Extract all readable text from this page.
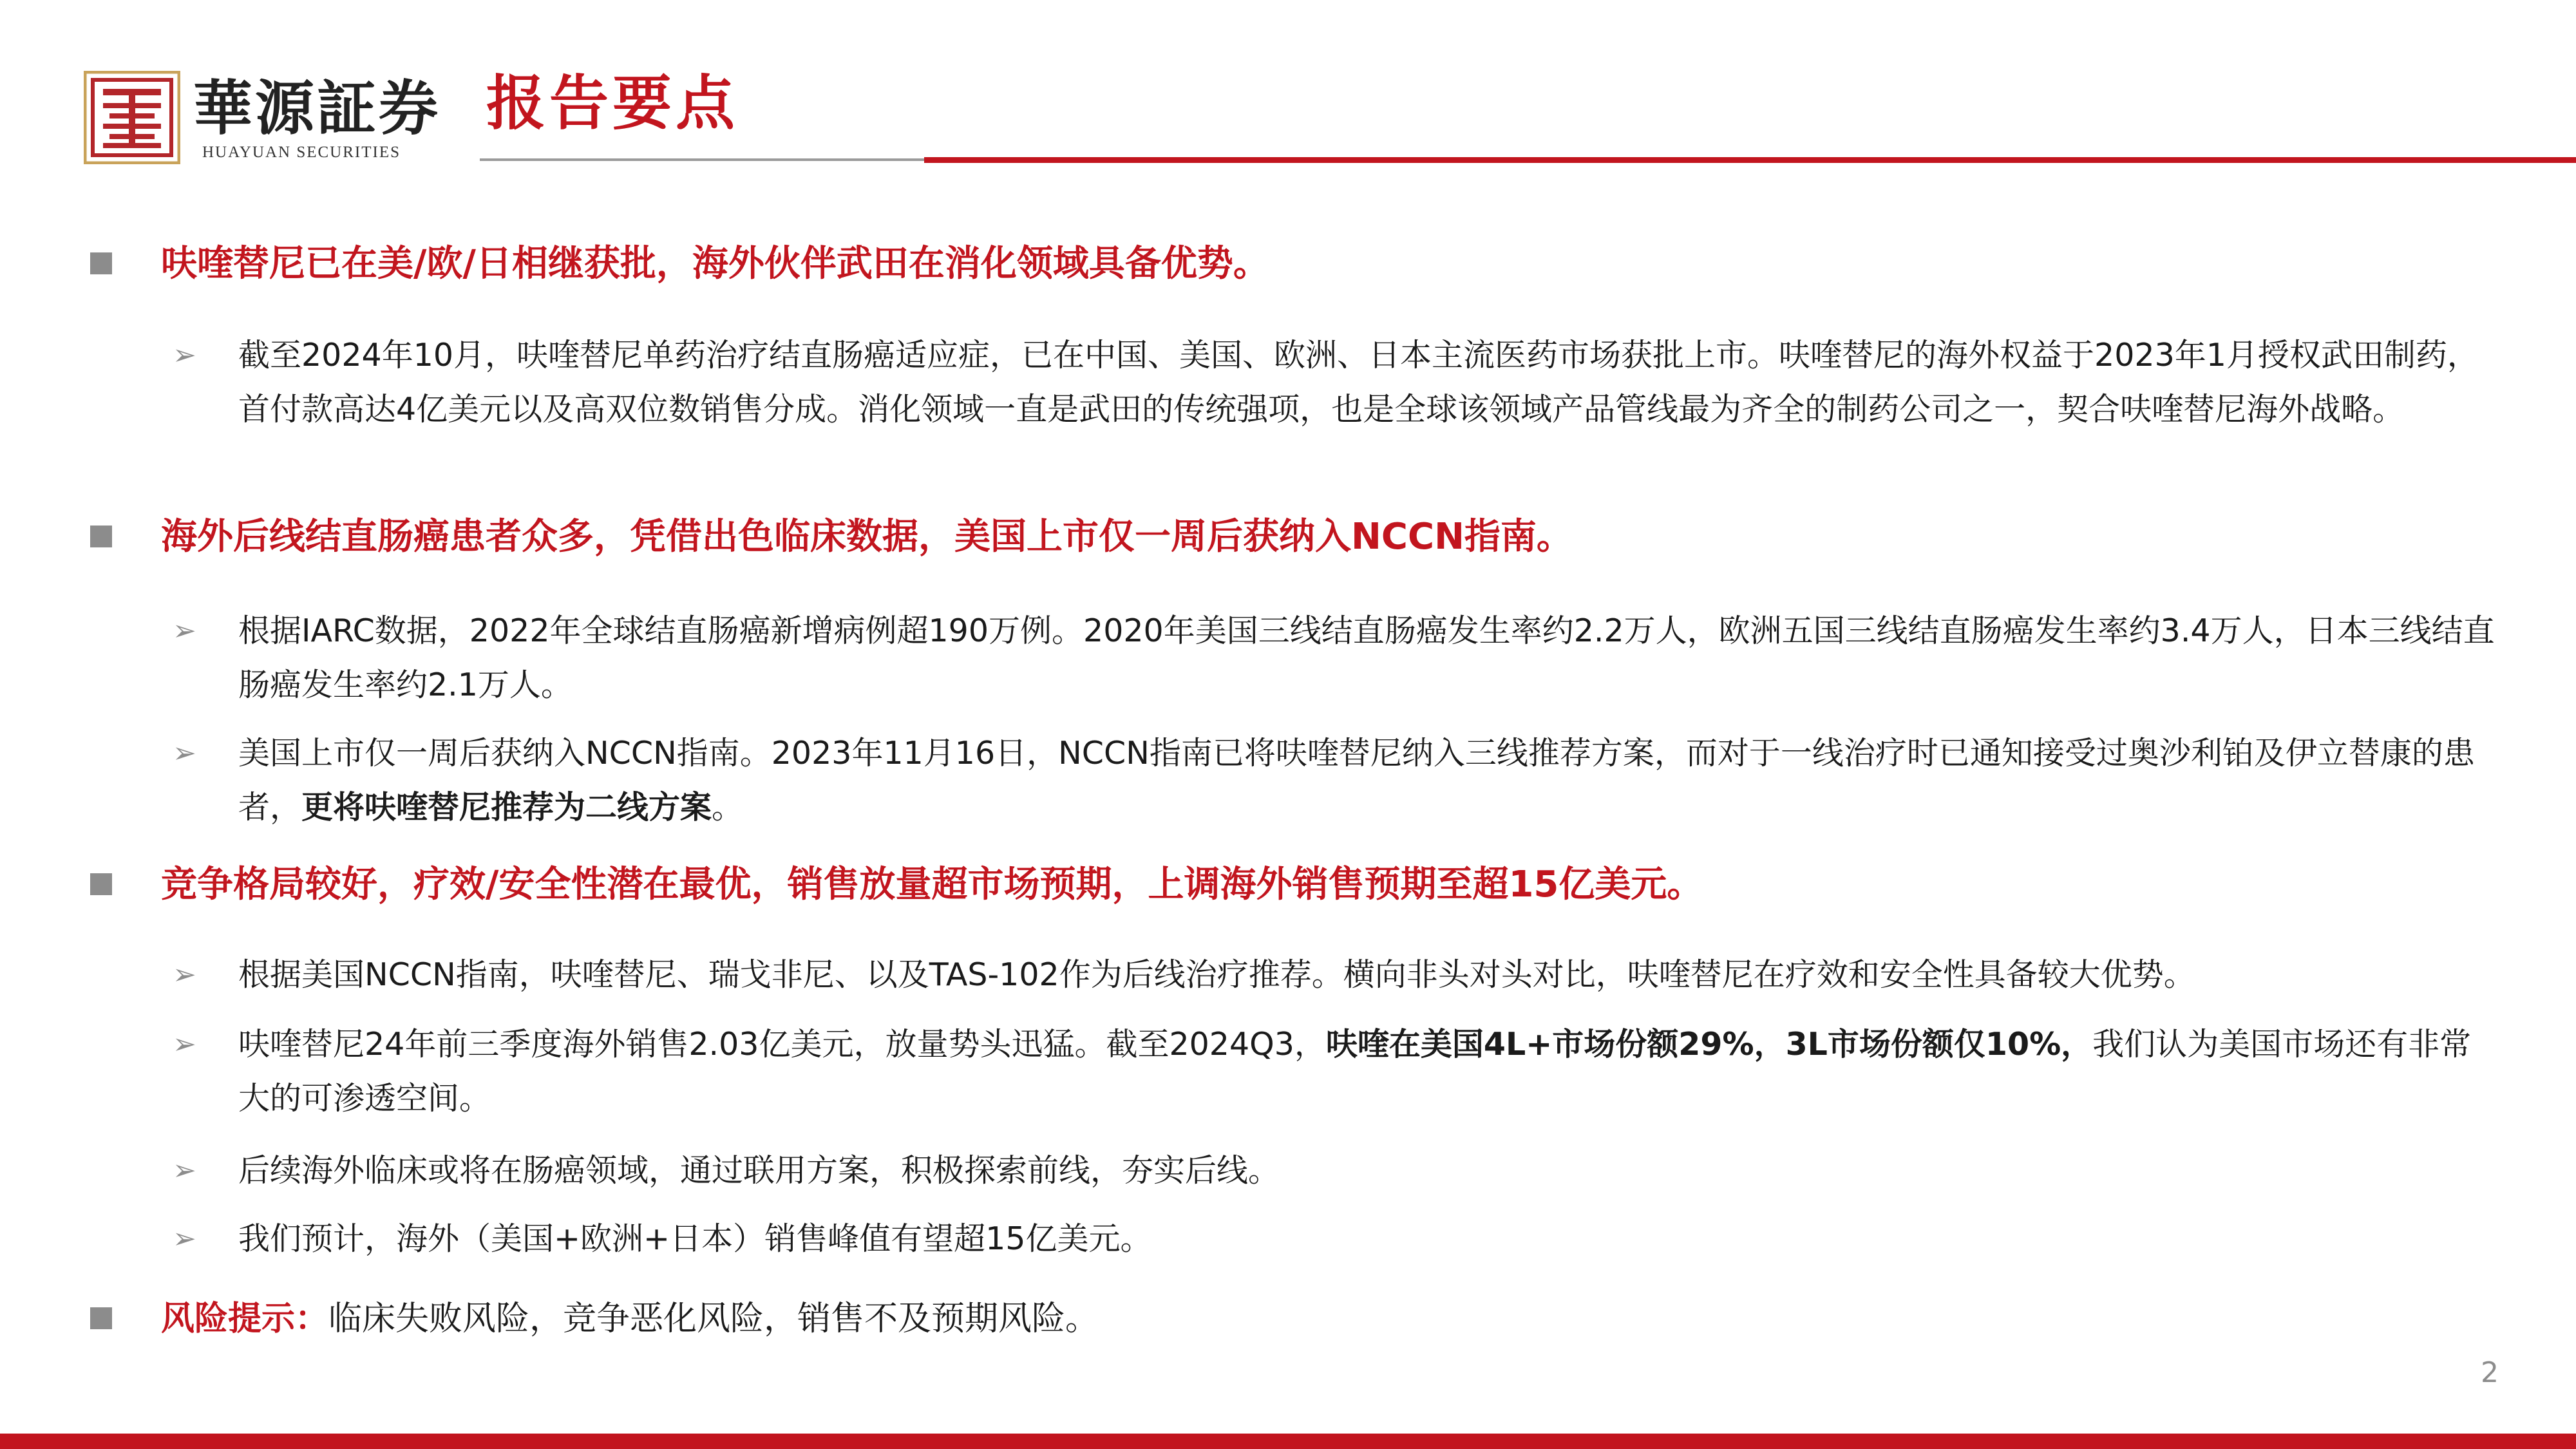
華源証券
HUAYUAN SECURITIES
报告要点
呋喹替尼已在美/欧/日相继获批，海外伙伴武田在消化领域具备优势。
➢ 截至2024年10月，呋喹替尼单药治疗结直肠癌适应症，已在中国、美国、欧洲、日本主流医药市场获批上市。呋喹替尼的海外权益于2023年1月授权武田制药，首付款高达4亿美元以及高双位数销售分成。消化领域一直是武田的传统强项，也是全球该领域产品管线最为齐全的制药公司之一，契合呋喹替尼海外战略。
海外后线结直肠癌患者众多，凭借出色临床数据，美国上市仅一周后获纳入NCCN指南。
➢ 根据IARC数据，2022年全球结直肠癌新增病例超190万例。2020年美国三线结直肠癌发生率约2.2万人，欧洲五国三线结直肠癌发生率约3.4万人，日本三线结直肠癌发生率约2.1万人。
➢ 美国上市仅一周后获纳入NCCN指南。2023年11月16日，NCCN指南已将呋喹替尼纳入三线推荐方案，而对于一线治疗时已通知接受过奥沙利铂及伊立替康的患者，更将呋喹替尼推荐为二线方案。
竞争格局较好，疗效/安全性潜在最优，销售放量超市场预期，上调海外销售预期至超15亿美元。
➢ 根据美国NCCN指南，呋喹替尼、瑞戈非尼、以及TAS-102作为后线治疗推荐。横向非头对头对比，呋喹替尼在疗效和安全性具备较大优势。
➢ 呋喹替尼24年前三季度海外销售2.03亿美元，放量势头迅猛。截至2024Q3，呋喹在美国4L+市场份额29%，3L市场份额仅10%，我们认为美国市场还有非常大的可渗透空间。
➢ 后续海外临床或将在肠癌领域，通过联用方案，积极探索前线，夯实后线。
➢ 我们预计，海外（美国+欧洲+日本）销售峰值有望超15亿美元。
风险提示：临床失败风险，竞争恶化风险，销售不及预期风险。
2
